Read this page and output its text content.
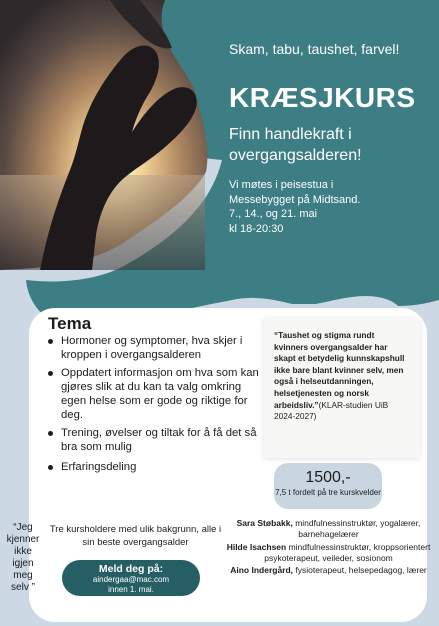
Skam, tabu, taushet, farvel!
KRÆSJKURS
Finn handlekraft i overgangsalderen!
Vi møtes i peisestua i
Messebygget på Midtsand.
7., 14., og 21. mai
kl 18-20:30
Tema
Hormoner og symptomer, hva skjer i kroppen i overgangsalderen
Oppdatert informasjon om hva som kan gjøres slik at du kan ta valg omkring egen helse som er gode og riktige for deg.
Trening, øvelser og tiltak for å få det så bra som mulig
Erfaringsdeling

“Taushet og stigma rundt kvinners overgangsalder har skapt et betydelig kunnskapshull ikke bare blant kvinner selv, men også i helseutdanningen, helsetjenesten og norsk arbeidsliv.”(KLAR-studien UiB 2024-2027)

1500,-
7,5 t fordelt på tre kurskvelder
“Jeg kjenner ikke igjen meg selv ”
Tre kursholdere med ulik bakgrunn, alle i sin beste overgangsalder
Meld deg på:
aindergaa@mac.com
innen 1. mai.
Sara Støbakk, mindfulnessinstruktør, yogalærer, barnehagelærer
Hilde Isachsen mindfulnessinstruktør, kroppsorientert psykoterapeut, veileder, sosionom
Aino Indergård, fysioterapeut, helsepedagog, lærer
